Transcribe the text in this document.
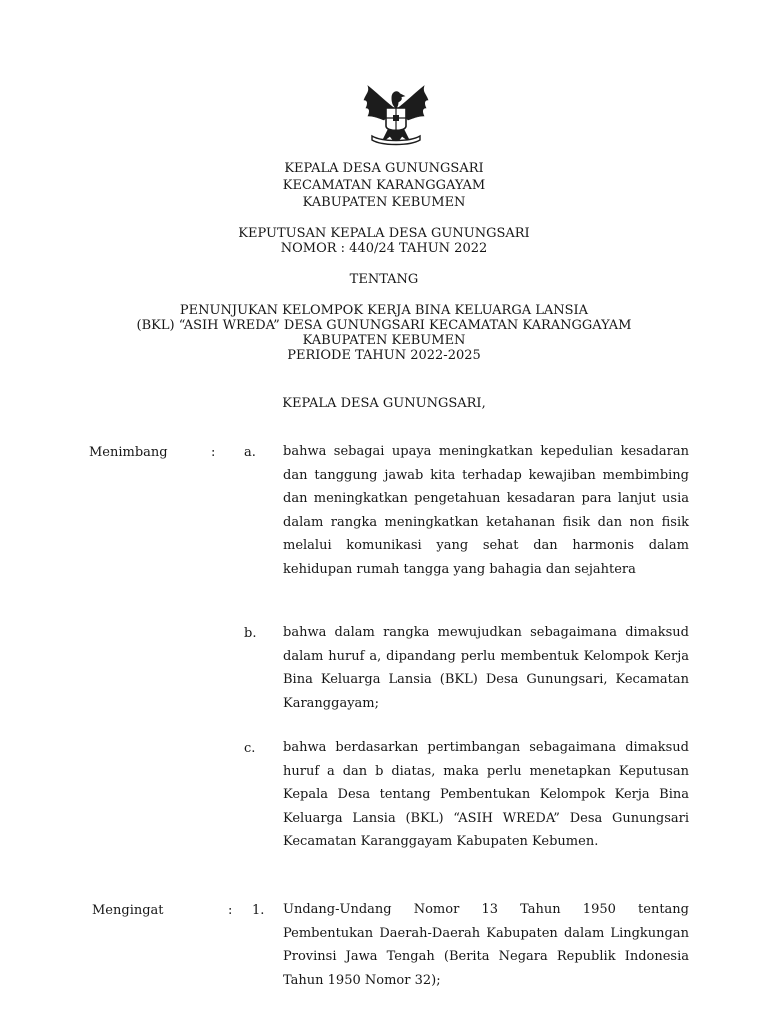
KEPALA DESA GUNUNGSARI
KECAMATAN KARANGGAYAM
KABUPATEN KEBUMEN
KEPUTUSAN KEPALA DESA GUNUNGSARI
NOMOR : 440/24 TAHUN 2022
TENTANG
PENUNJUKAN KELOMPOK KERJA BINA KELUARGA LANSIA
(BKL) “ASIH WREDA” DESA GUNUNGSARI KECAMATAN KARANGGAYAM
KABUPATEN KEBUMEN
PERIODE TAHUN 2022-2025
KEPALA DESA GUNUNGSARI,
Menimbang	: a. bahwa sebagai upaya meningkatkan kepedulian kesadaran dan tanggung jawab kita terhadap kewajiban membimbing dan meningkatkan pengetahuan kesadaran para lanjut usia dalam rangka meningkatkan ketahanan fisik dan non fisik melalui komunikasi yang sehat dan harmonis dalam kehidupan rumah tangga yang bahagia dan sejahtera

b. bahwa dalam rangka mewujudkan sebagaimana dimaksud dalam huruf a, dipandang perlu membentuk Kelompok Kerja Bina Keluarga Lansia (BKL) Desa Gunungsari, Kecamatan Karanggayam;

c. bahwa berdasarkan pertimbangan sebagaimana dimaksud huruf a dan b diatas, maka perlu menetapkan Keputusan Kepala Desa tentang Pembentukan Kelompok Kerja Bina Keluarga Lansia (BKL) “ASIH WREDA” Desa Gunungsari Kecamatan Karanggayam Kabupaten Kebumen.

Mengingat	: 1. Undang-Undang Nomor 13 Tahun 1950 tentang Pembentukan Daerah-Daerah Kabupaten dalam Lingkungan Provinsi Jawa Tengah (Berita Negara Republik Indonesia Tahun 1950 Nomor 32);
